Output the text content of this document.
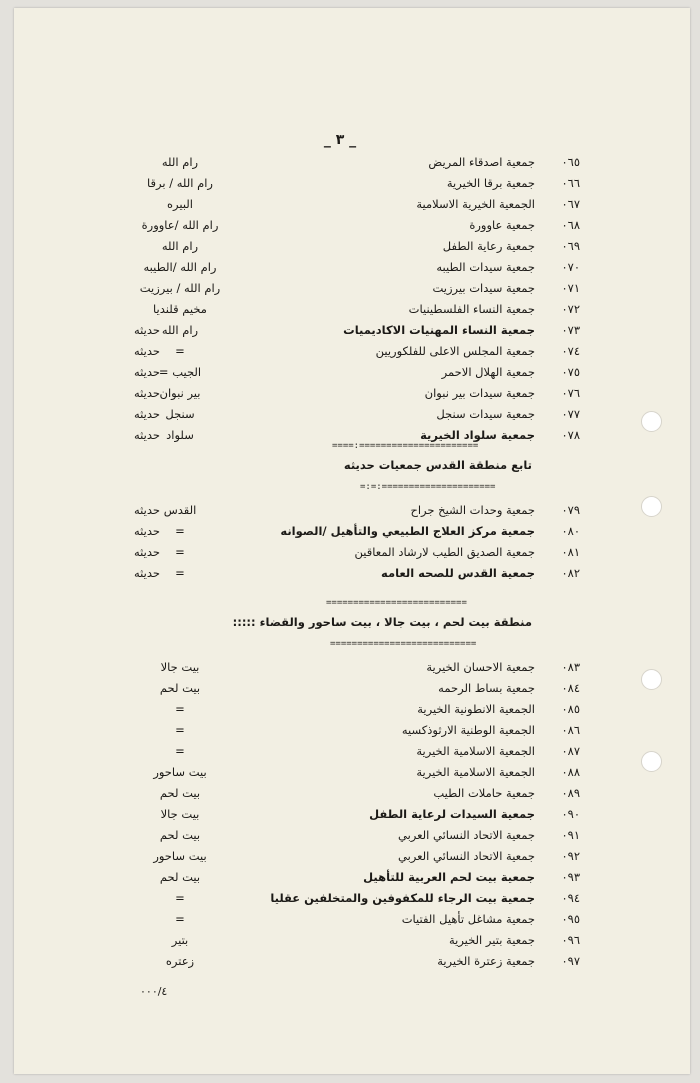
_ ٣ _
٠٦٥
جمعية اصدقاء المريض
رام الله
٠٦٦
جمعية برقا الخيرية
رام الله / برقا
٠٦٧
الجمعية الخيرية الاسلامية
البيره
٠٦٨
جمعية عاوورة
رام الله /عاوورة
٠٦٩
جمعية رعاية الطفل
رام الله
٠٧٠
جمعية سيدات الطيبه
رام الله /الطيبه
٠٧١
جمعية سيدات بيرزيت
رام الله / بيرزيت
٠٧٢
جمعية النساء الفلسطينيات
مخيم قلنديا
٠٧٣
جمعية النساء المهنيات الاكاديميات
رام الله
حديثه
٠٧٤
جمعية المجلس الاعلى للفلكوريين
=
حديثه
٠٧٥
جمعية الهلال الاحمر
الجيب =
حديثه
٠٧٦
جمعية سيدات بير نبوان
بير نبوان
حديثه
٠٧٧
جمعية سيدات سنجل
سنجل
حديثه
٠٧٨
جمعية سلواد الخيرية
سلواد
حديثه
٠٧٩
جمعية وحدات الشيخ جراح
القدس
حديثه
٠٨٠
جمعية مركز العلاج الطبيعي والتأهيل /الصوانه
=
حديثه
٠٨١
جمعية الصديق الطيب لارشاد المعاقين
=
حديثه
٠٨٢
جمعية القدس للصحه العامه
=
حديثه
٠٨٣
جمعية الاحسان الخيرية
بيت جالا
٠٨٤
جمعية بساط الرحمه
بيت لحم
٠٨٥
الجمعية الانطونية الخيرية
=
٠٨٦
الجمعية الوطنية الارثوذكسيه
=
٠٨٧
الجمعية الاسلامية الخيرية
=
٠٨٨
الجمعية الاسلامية الخيرية
بيت ساحور
٠٨٩
جمعية حاملات الطيب
بيت لحم
٠٩٠
جمعية السيدات لرعاية الطفل
بيت جالا
٠٩١
جمعية الاتحاد النسائي العربي
بيت لحم
٠٩٢
جمعية الاتحاد النسائي العربي
بيت ساحور
٠٩٣
جمعية بيت لحم العربية للتأهيل
بيت لحم
٠٩٤
جمعية بيت الرجاء للمكفوفين والمتخلفين عقليا
=
٠٩٥
جمعية مشاغل تأهيل الفتيات
=
٠٩٦
جمعية بتير الخيرية
بتير
٠٩٧
جمعية زعترة الخيرية
زعتره
====:======================
تابع منطقة القدس جمعيات حديثه
=:=:=====================
==========================
منطقة بيت لحم ، بيت جالا ، بيت ساحور والقضاء :::::
===========================
٠٠٠/٤
